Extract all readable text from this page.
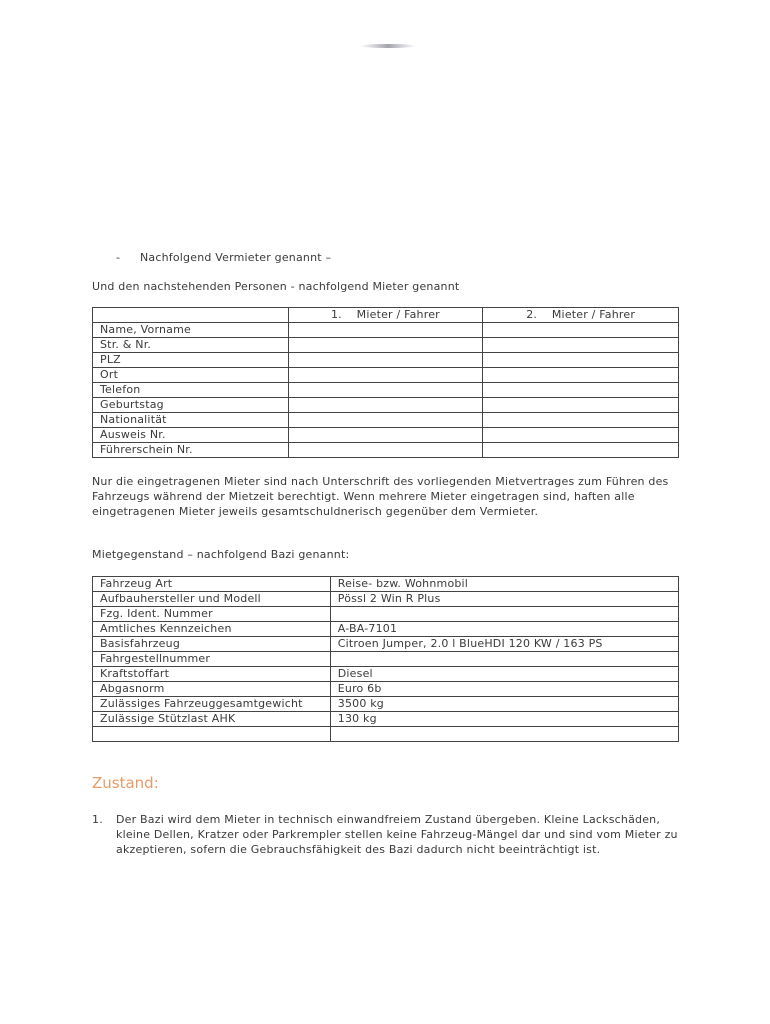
- Nachfolgend Vermieter genannt –

Und den nachstehenden Personen - nachfolgend Mieter genannt

	1.    Mieter / Fahrer	2.    Mieter / Fahrer
Name, Vorname		
Str. & Nr.		
PLZ		
Ort		
Telefon		
Geburtstag		
Nationalität		
Ausweis Nr.		
Führerschein Nr.		

Nur die eingetragenen Mieter sind nach Unterschrift des vorliegenden Mietvertrages zum Führen des Fahrzeugs während der Mietzeit berechtigt. Wenn mehrere Mieter eingetragen sind, haften alle eingetragenen Mieter jeweils gesamtschuldnerisch gegenüber dem Vermieter.

Mietgegenstand – nachfolgend Bazi genannt:

Fahrzeug Art	Reise- bzw. Wohnmobil
Aufbauhersteller und Modell	Pössl 2 Win R Plus
Fzg. Ident. Nummer	
Amtliches Kennzeichen	A-BA-7101
Basisfahrzeug	Citroen Jumper, 2.0 l BlueHDI 120 KW / 163 PS
Fahrgestellnummer	
Kraftstoffart	Diesel
Abgasnorm	Euro 6b
Zulässiges Fahrzeuggesamtgewicht	3500 kg
Zulässige Stützlast AHK	130 kg

Zustand:
1. Der Bazi wird dem Mieter in technisch einwandfreiem Zustand übergeben. Kleine Lackschäden, kleine Dellen, Kratzer oder Parkrempler stellen keine Fahrzeug-Mängel dar und sind vom Mieter zu akzeptieren, sofern die Gebrauchsfähigkeit des Bazi dadurch nicht beeinträchtigt ist.
